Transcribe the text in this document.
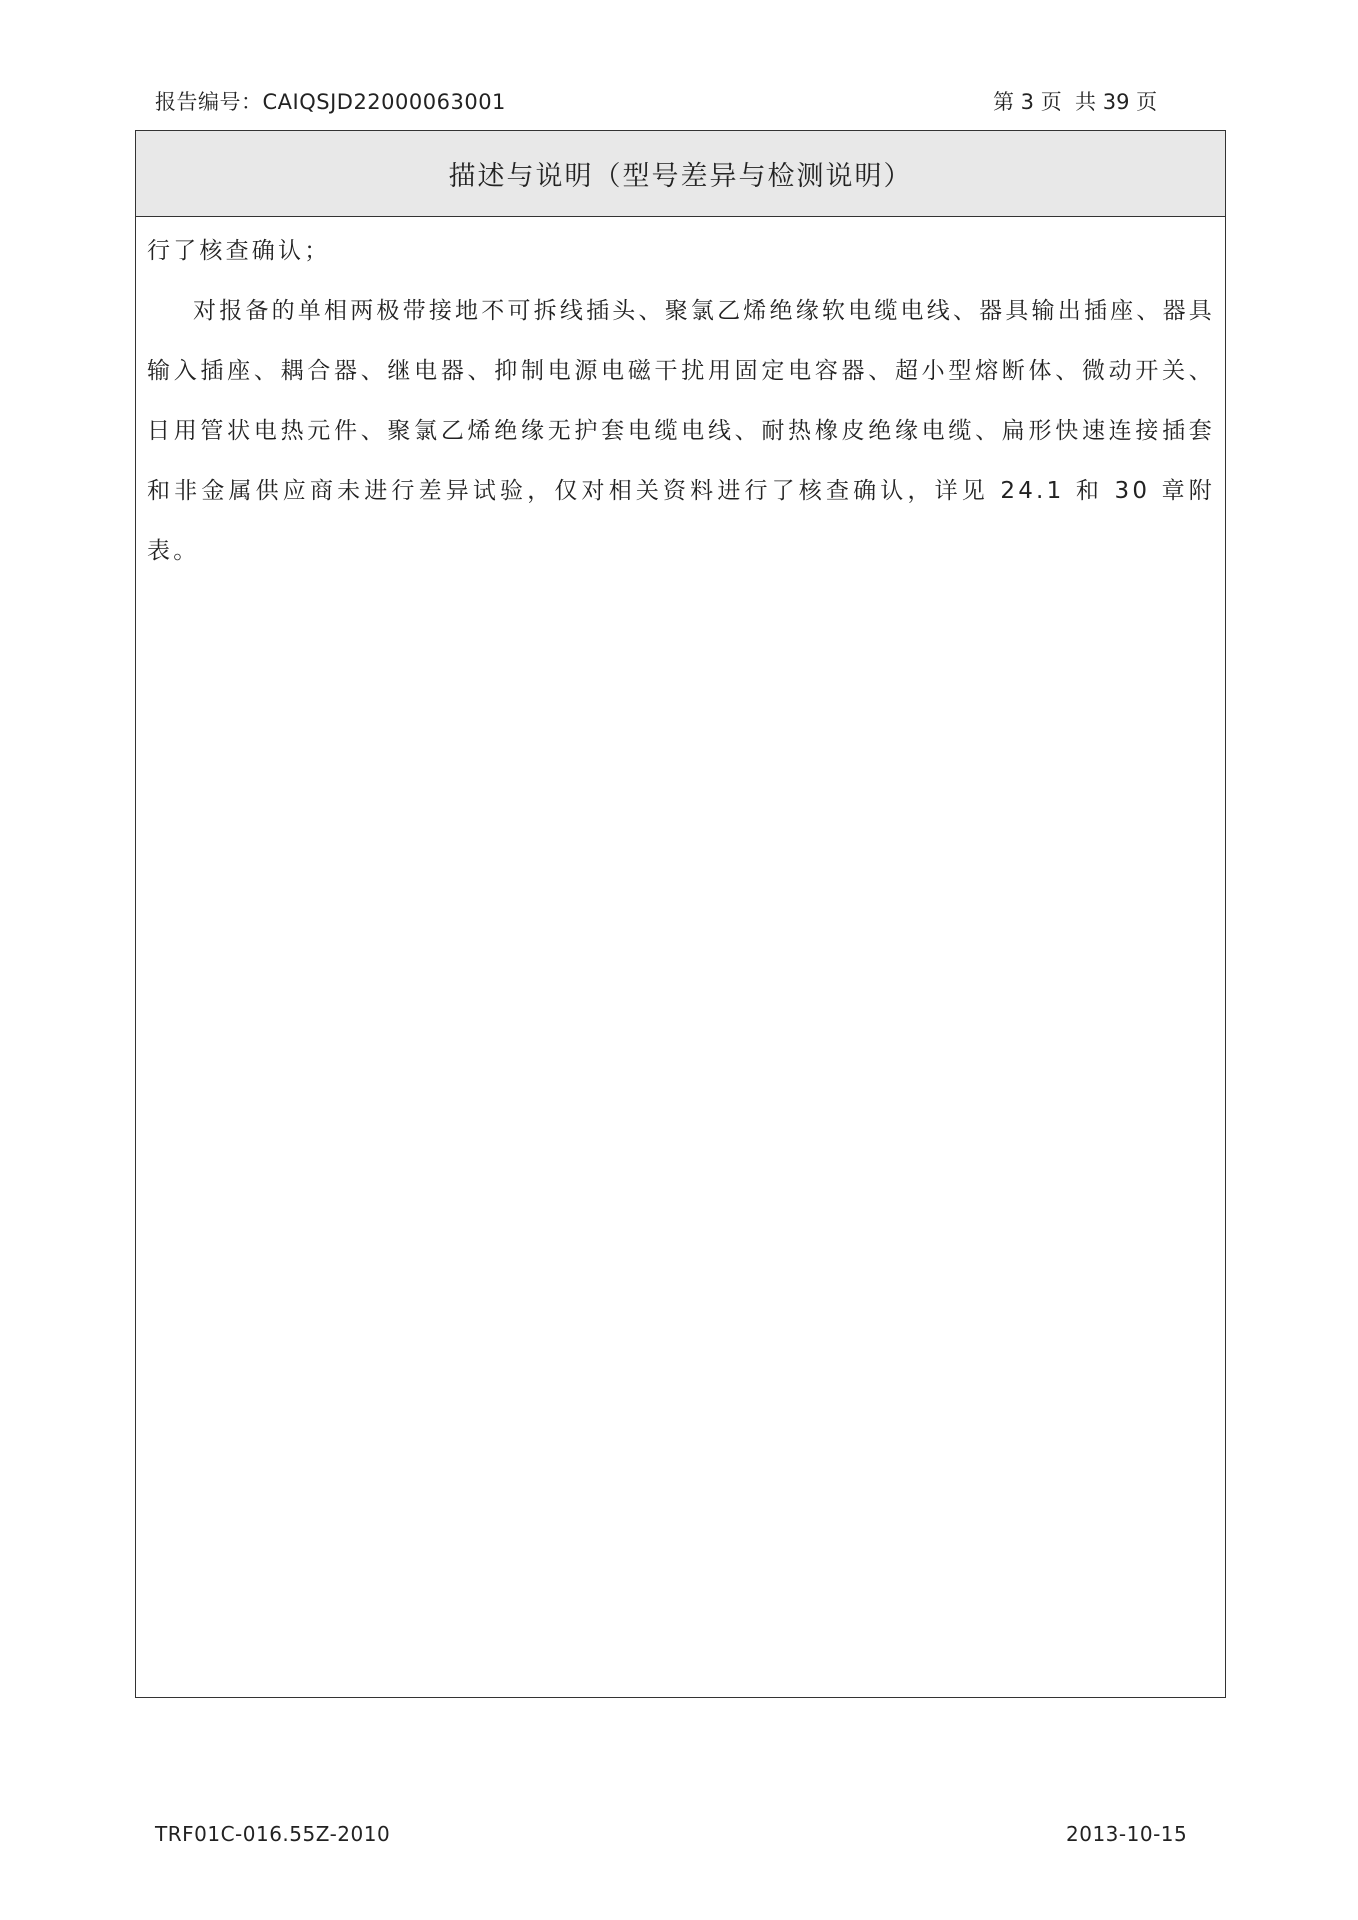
报告编号：CAIQSJD22000063001	第 3 页  共 39 页
描述与说明（型号差异与检测说明）
行了核查确认；

对报备的单相两极带接地不可拆线插头、聚氯乙烯绝缘软电缆电线、器具输出插座、器具输入插座、耦合器、继电器、抑制电源电磁干扰用固定电容器、超小型熔断体、微动开关、日用管状电热元件、聚氯乙烯绝缘无护套电缆电线、耐热橡皮绝缘电缆、扁形快速连接插套和非金属供应商未进行差异试验，仅对相关资料进行了核查确认，详见 24.1 和 30 章附表。

TRF01C-016.55Z-2010	2013-10-15
